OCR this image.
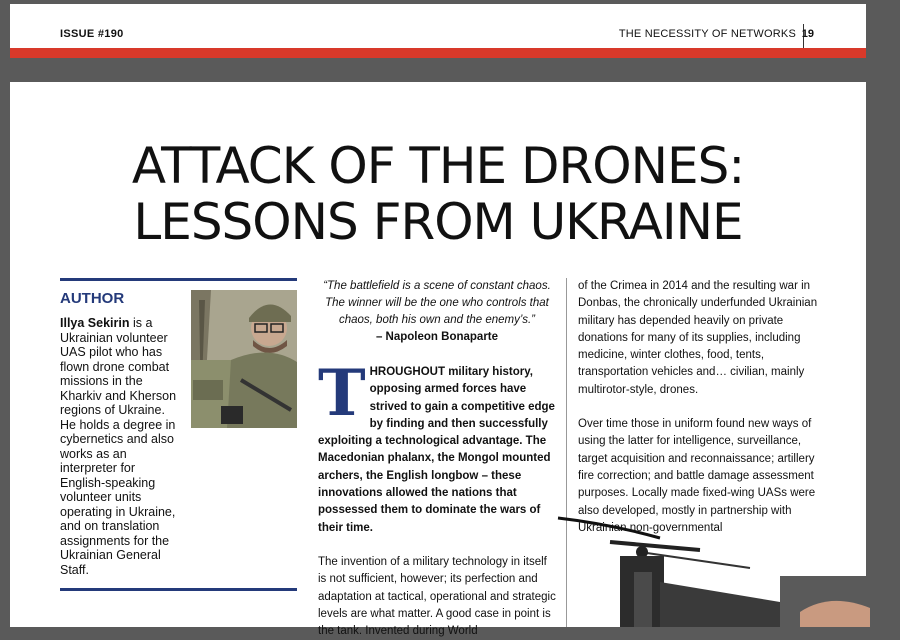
ISSUE #190	THE NECESSITY OF NETWORKS 19
ATTACK OF THE DRONES:
LESSONS FROM UKRAINE
AUTHOR
Illya Sekirin is a Ukrainian volunteer UAS pilot who has flown drone combat missions in the Kharkiv and Kherson regions of Ukraine. He holds a degree in cybernetics and also works as an interpreter for English-speaking volunteer units operating in Ukraine, and on translation assignments for the Ukrainian General Staff.
“The battlefield is a scene of constant chaos. The winner will be the one who controls that chaos, both his own and the enemy’s.”
– Napoleon Bonaparte
THROUGHOUT military history, opposing armed forces have strived to gain a competitive edge by finding and then successfully exploiting a technological advantage. The Macedonian phalanx, the Mongol mounted archers, the English longbow – these innovations allowed the nations that possessed them to dominate the wars of their time.
The invention of a military technology in itself is not sufficient, however; its perfection and adaptation at tactical, operational and strategic levels are what matter. A good case in point is the tank. Invented during World

of the Crimea in 2014 and the resulting war in Donbas, the chronically underfunded Ukrainian military has depended heavily on private donations for many of its supplies, including medicine, winter clothes, food, tents, transportation vehicles and… civilian, mainly multirotor-style, drones.

Over time those in uniform found new ways of using the latter for intelligence, surveillance, target acquisition and reconnaissance; artillery fire correction; and battle damage assessment purposes. Locally made fixed-wing UASs were also developed, mostly in partnership with Ukrainian non-governmental
